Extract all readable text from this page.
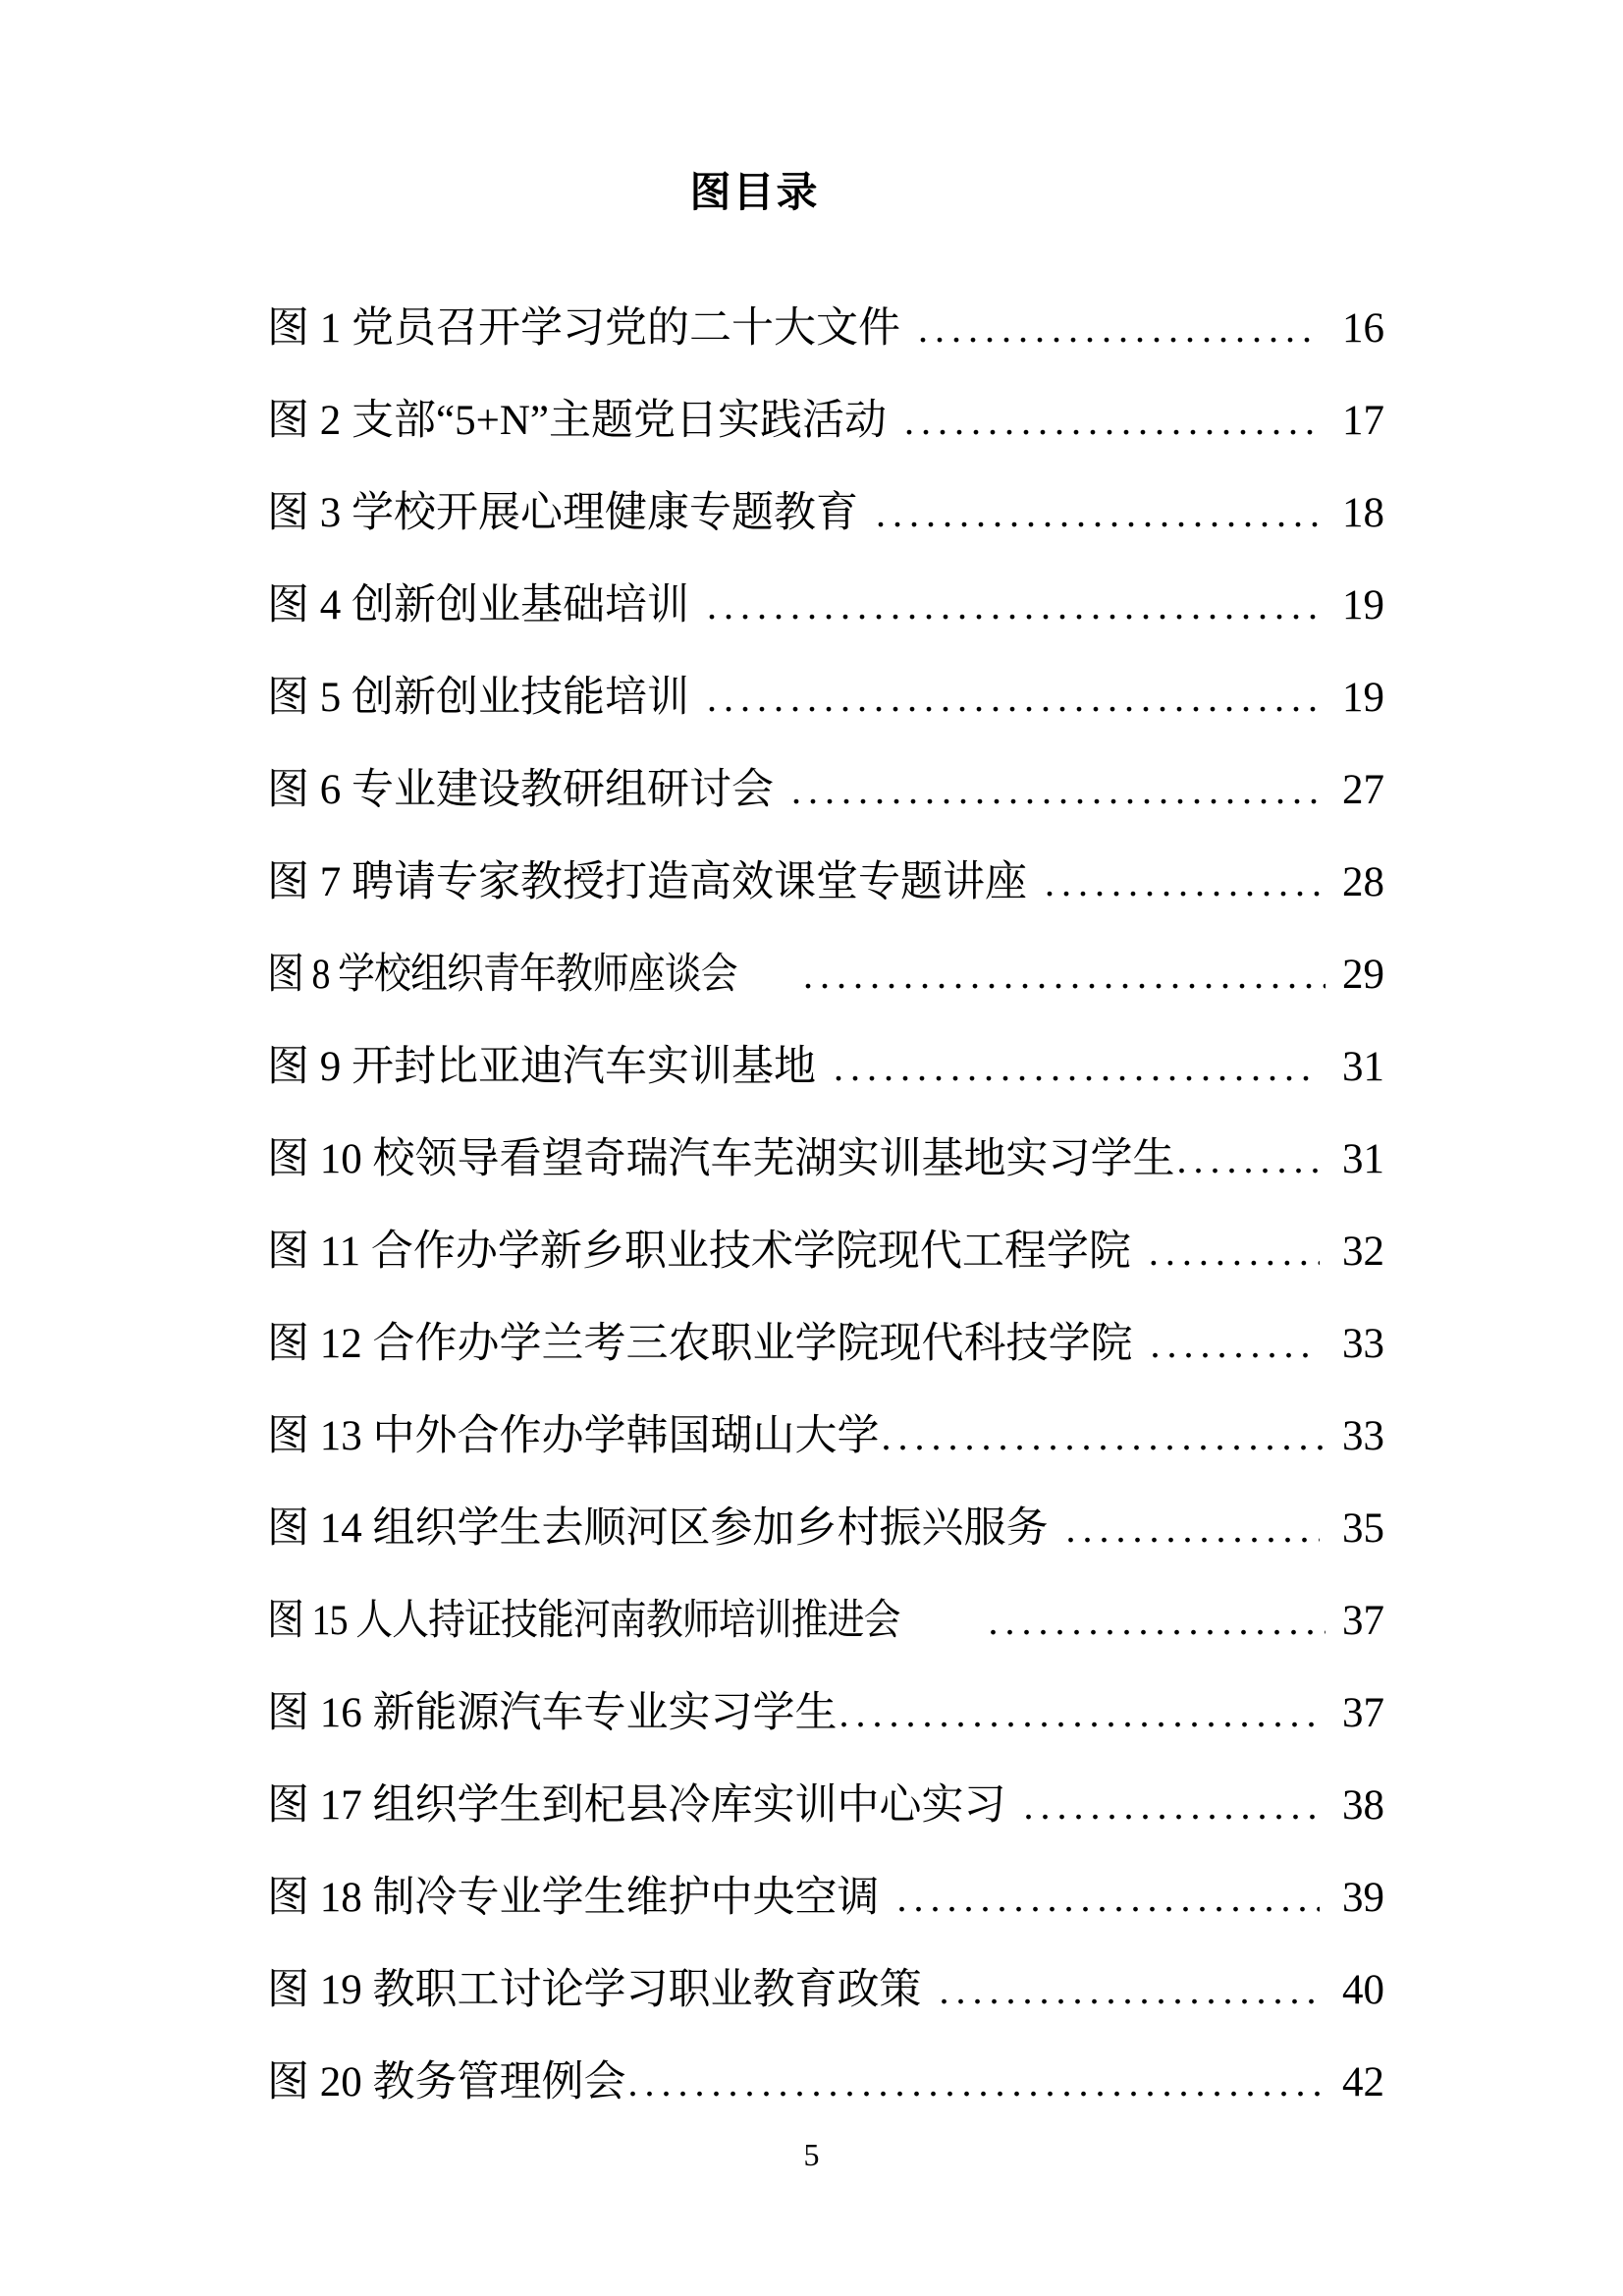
图目录
图 1 党员召开学习党的二十大文件 .....	16
图 2 支部“5+N”主题党日实践活动 .....	17
图 3 学校开展心理健康专题教育 .....	18
图 4 创新创业基础培训 .....	19
图 5 创新创业技能培训 .....	19
图 6 专业建设教研组研讨会 .....	27
图 7 聘请专家教授打造高效课堂专题讲座 .....	28
图 8 学校组织青年教师座谈会 .....	29
图 9 开封比亚迪汽车实训基地 .....	31
图 10 校领导看望奇瑞汽车芜湖实训基地实习学生 .....	31
图 11 合作办学新乡职业技术学院现代工程学院 .....	32
图 12 合作办学兰考三农职业学院现代科技学院 .....	33
图 13 中外合作办学韩国瑚山大学 .....	33
图 14 组织学生去顺河区参加乡村振兴服务 .....	35
图 15 人人持证技能河南教师培训推进会 .....	37
图 16 新能源汽车专业实习学生 .....	37
图 17 组织学生到杞县冷库实训中心实习 .....	38
图 18 制冷专业学生维护中央空调 .....	39
图 19 教职工讨论学习职业教育政策 .....	40
图 20 教务管理例会 .....	42
5
